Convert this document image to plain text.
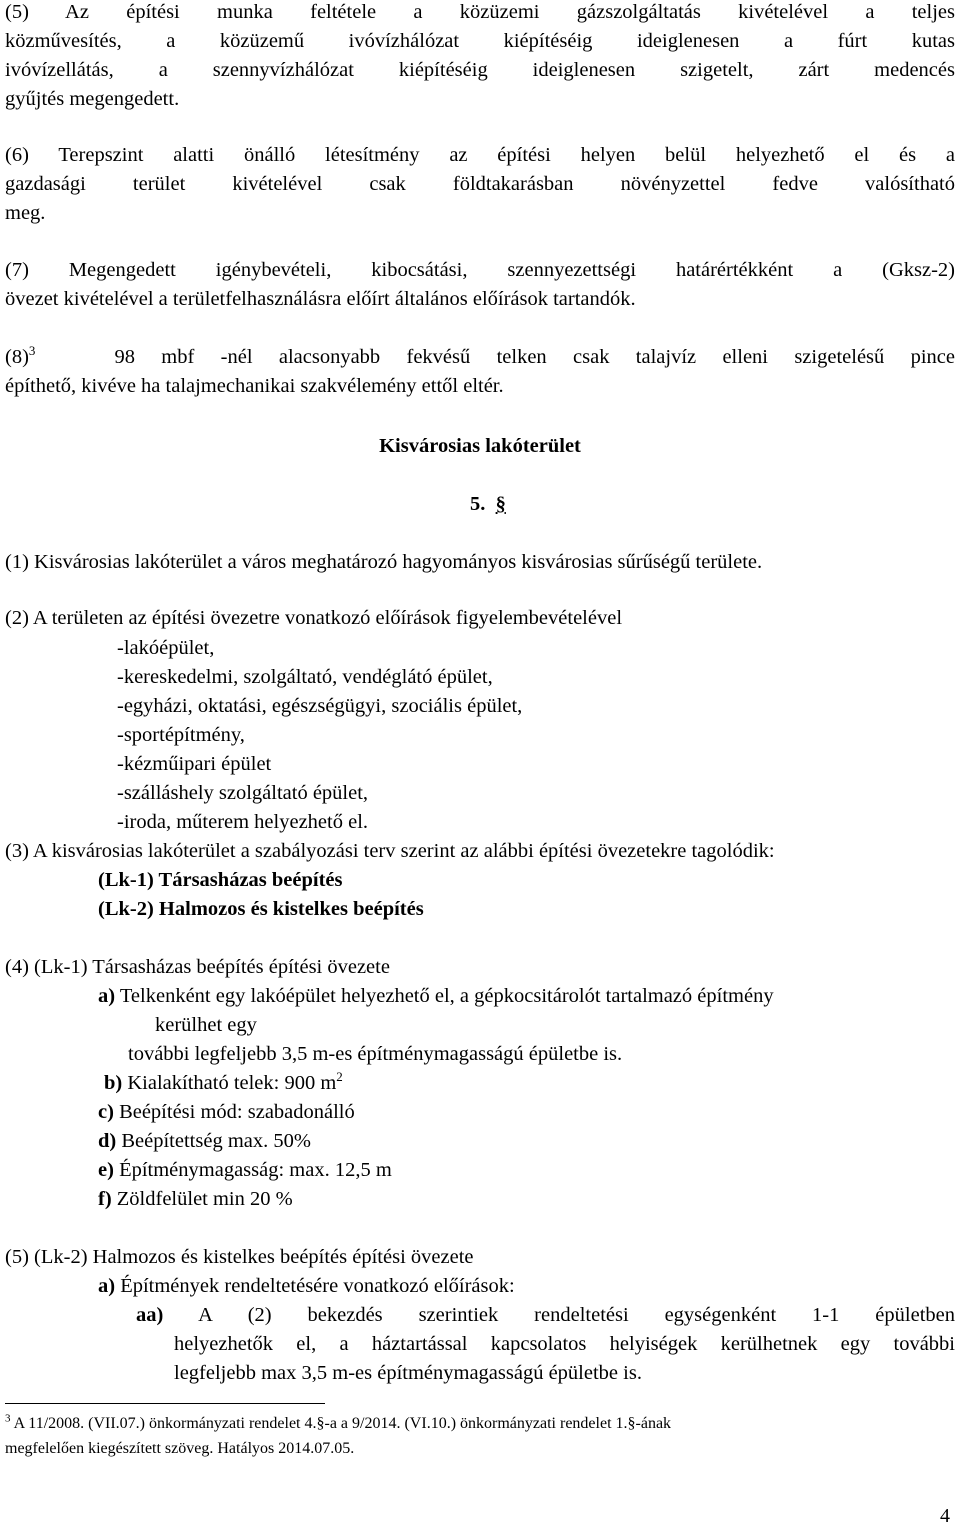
(5) Az építési munka feltétele a közüzemi gázszolgáltatás kivételével a teljes
közművesítés, a közüzemű ivóvízhálózat kiépítéséig ideiglenesen a fúrt kutas
ivóvízellátás, a szennyvízhálózat kiépítéséig ideiglenesen szigetelt, zárt medencés
gyűjtés megengedett.
(6) Terepszint alatti önálló létesítmény az építési helyen belül helyezhető el és a
gazdasági terület kivételével csak földtakarásban növényzettel fedve valósítható
meg.
(7) Megengedett igénybevételi, kibocsátási, szennyezettségi határértékként a (Gksz-2)
övezet kivételével a területfelhasználásra előírt általános előírások tartandók.
$(8)^3$	98 mbf -nél alacsonyabb fekvésű telken csak talajvíz elleni szigetelésű pince
építhető, kivéve ha talajmechanikai szakvélemény ettől eltér.
Kisvárosias lakóterület
5. §
(1) Kisvárosias lakóterület a város meghatározó hagyományos kisvárosias sűrűségű területe.
(2) A területen az építési övezetre vonatkozó előírások figyelembevételével
-lakóépület,
-kereskedelmi, szolgáltató, vendéglátó épület,
-egyházi, oktatási, egészségügyi, szociális épület,
-sportépítmény,
-kézműipari épület
-szálláshely szolgáltató épület,
-iroda, műterem helyezhető el.
(3) A kisvárosias lakóterület a szabályozási terv szerint az alábbi építési övezetekre tagolódik:
(Lk-1) Társasházas beépítés
(Lk-2) Halmozos és kistelkes beépítés
(4) (Lk-1) Társasházas beépítés építési övezete
a) Telkenként egy lakóépület helyezhető el, a gépkocsitárolót tartalmazó építmény
kerülhet egy
további legfeljebb 3,5 m-es építménymagasságú épületbe is.
b) Kialakítható telek: 900 $m^2$
c) Beépítési mód: szabadonálló
d) Beépítettség max. 50%
e) Építménymagasság: max. 12,5 m
f) Zöldfelület min 20 %
(5) (Lk-2) Halmozos és kistelkes beépítés építési övezete
a) Építmények rendeltetésére vonatkozó előírások:
aa) A (2) bekezdés szerintiek rendeltetési egységenként 1-1 épületben
helyezhetők el, a háztartással kapcsolatos helyiségek kerülhetnek egy további
legfeljebb max 3,5 m-es építménymagasságú épületbe is.
$^3$ A 11/2008. (VII.07.) önkormányzati rendelet 4.§-a a 9/2014. (VI.10.) önkormányzati rendelet 1.§-ának
megfelelően kiegészített szöveg. Hatályos 2014.07.05.
4
